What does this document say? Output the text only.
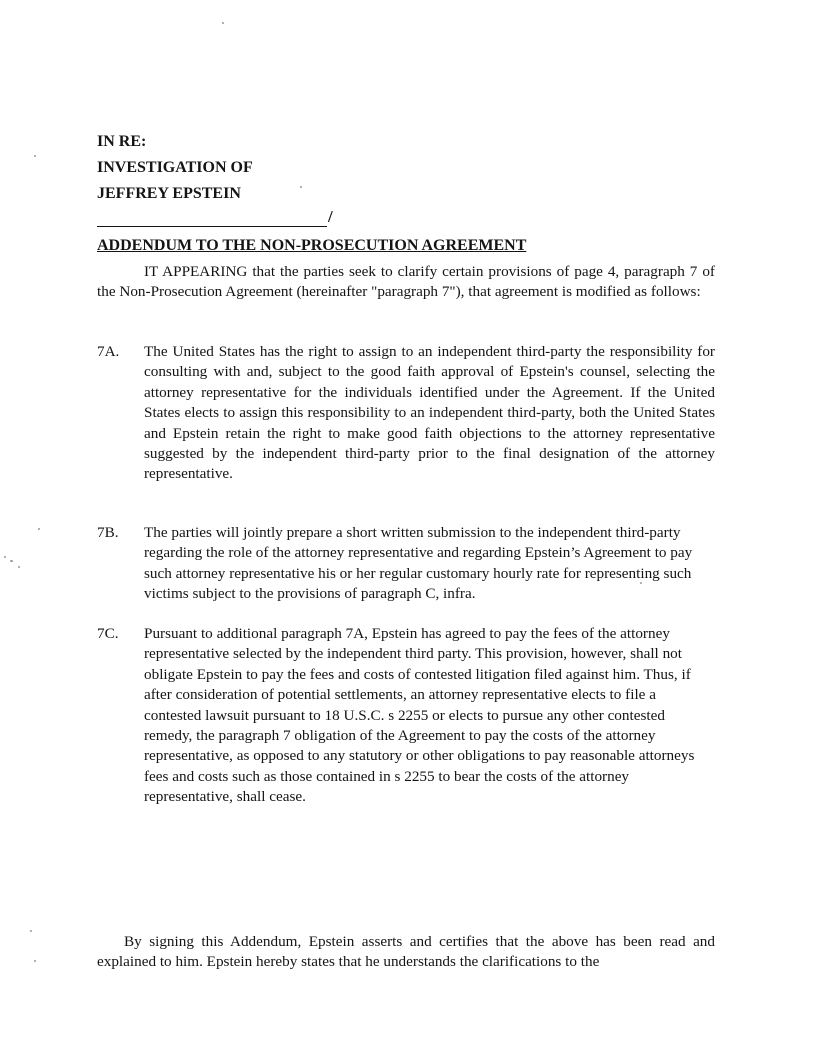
IN RE:
INVESTIGATION OF
JEFFREY EPSTEIN
/

ADDENDUM TO THE NON-PROSECUTION AGREEMENT

IT APPEARING that the parties seek to clarify certain provisions of page 4, paragraph 7 of the Non-Prosecution Agreement (hereinafter "paragraph 7"), that agreement is modified as follows:

7A. The United States has the right to assign to an independent third-party the responsibility for consulting with and, subject to the good faith approval of Epstein's counsel, selecting the attorney representative for the individuals identified under the Agreement. If the United States elects to assign this responsibility to an independent third-party, both the United States and Epstein retain the right to make good faith objections to the attorney representative suggested by the independent third-party prior to the final designation of the attorney representative.

7B. The parties will jointly prepare a short written submission to the independent third-party regarding the role of the attorney representative and regarding Epstein’s Agreement to pay such attorney representative his or her regular customary hourly rate for representing such victims subject to the provisions of paragraph C, infra.

7C. Pursuant to additional paragraph 7A, Epstein has agreed to pay the fees of the attorney representative selected by the independent third party. This provision, however, shall not obligate Epstein to pay the fees and costs of contested litigation filed against him. Thus, if after consideration of potential settlements, an attorney representative elects to file a contested lawsuit pursuant to 18 U.S.C. s 2255 or elects to pursue any other contested remedy, the paragraph 7 obligation of the Agreement to pay the costs of the attorney representative, as opposed to any statutory or other obligations to pay reasonable attorneys fees and costs such as those contained in s 2255 to bear the costs of the attorney representative, shall cease.

By signing this Addendum, Epstein asserts and certifies that the above has been read and explained to him. Epstein hereby states that he understands the clarifications to the
